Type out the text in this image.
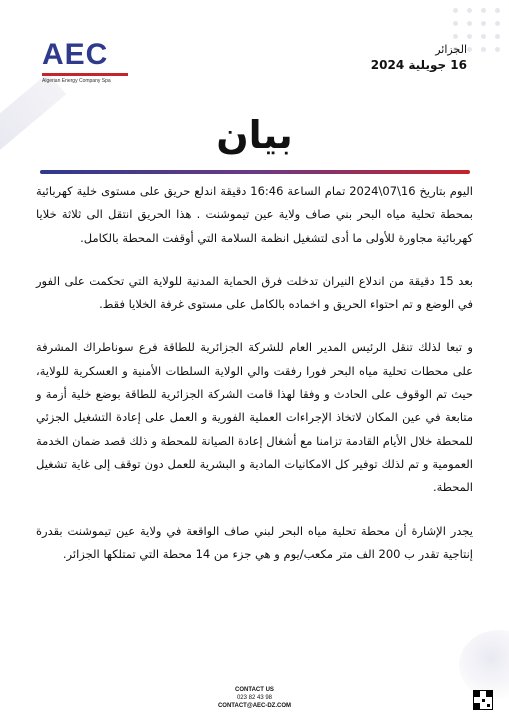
AEC
Algerian Energy Company Spa
الجزائر
16 جويلية 2024
بيان

اليوم بتاريخ 16\07\2024 تمام الساعة 16:46 دقيقة اندلع حريق على مستوى خلية كهربائية بمحطة تحلية مياه البحر بني صاف ولاية عين تيموشنت . هذا الحريق انتقل الى ثلاثة خلايا كهربائية مجاورة للأولى ما أدى لتشغيل انظمة السلامة التي أوقفت المحطة بالكامل.

بعد 15 دقيقة من اندلاع النيران تدخلت فرق الحماية المدنية للولاية التي تحكمت على الفور في الوضع و تم احتواء الحريق و اخماده بالكامل على مستوى غرفة الخلايا فقط.

و تبعا لذلك تنقل الرئيس المدير العام للشركة الجزائرية للطاقة فرع سوناطراك المشرفة على محطات تحلية مياه البحر فورا رفقت والي الولاية السلطات الأمنية و العسكرية للولاية، حيث تم الوقوف على الحادث و وفقا لهذا قامت الشركة الجزائرية للطاقة بوضع خلية أزمة و متابعة في عين المكان لاتخاذ الإجراءات العملية الفورية و العمل على إعادة التشغيل الجزئي للمحطة خلال الأيام القادمة تزامنا مع أشغال إعادة الصيانة للمحطة و ذلك قصد ضمان الخدمة العمومية و تم لذلك توفير كل الامكانيات المادية و البشرية للعمل دون توقف إلى غاية تشغيل المحطة.

يجدر الإشارة أن محطة تحلية مياه البحر لبني صاف الواقعة في ولاية عين تيموشنت بقدرة إنتاجية تقدر ب 200 الف متر مكعب/يوم و هي جزء من 14 محطة التي تمتلكها الجزائر.

CONTACT US
023 82 43 98
CONTACT@AEC-DZ.COM
